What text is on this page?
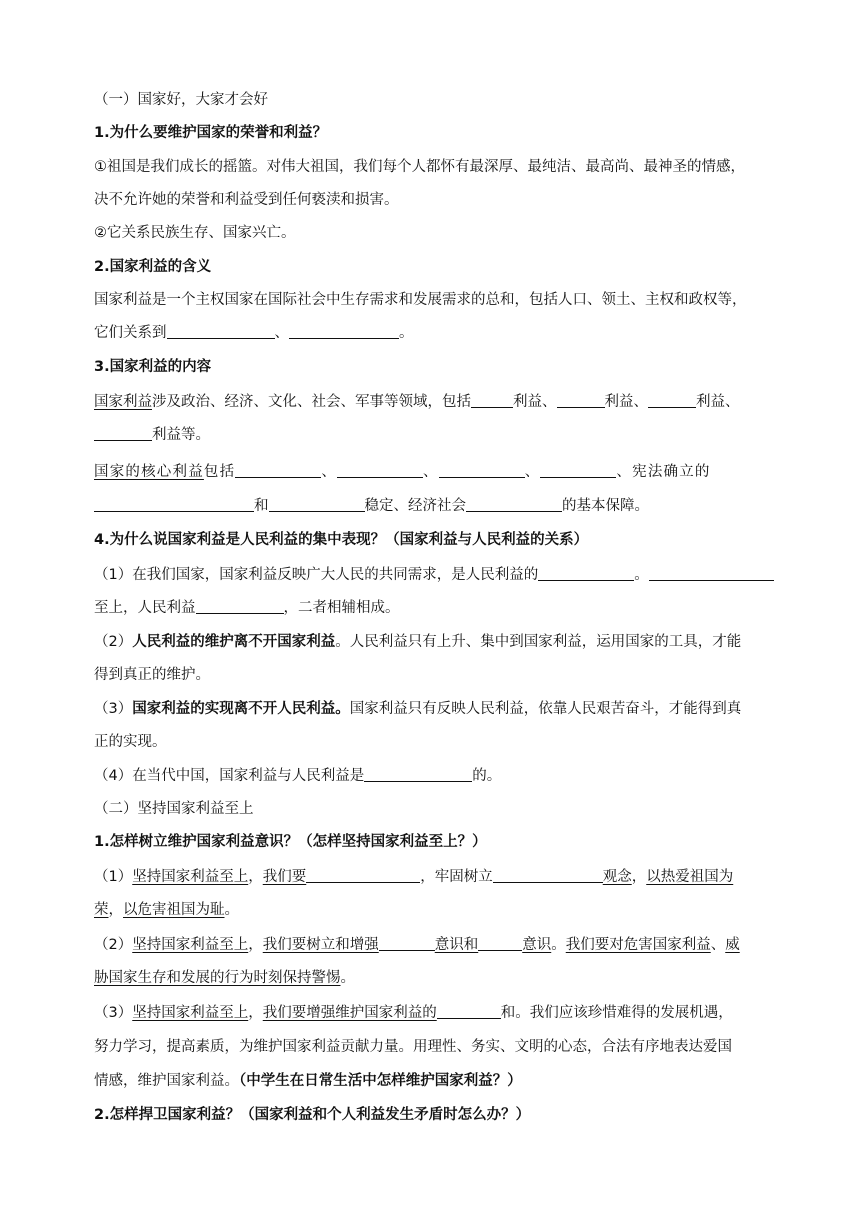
（一）国家好，大家才会好
1.为什么要维护国家的荣誉和利益？
①祖国是我们成长的摇篮。对伟大祖国，我们每个人都怀有最深厚、最纯洁、最高尚、最神圣的情感，
决不允许她的荣誉和利益受到任何亵渎和损害。
②它关系民族生存、国家兴亡。
2.国家利益的含义
国家利益是一个主权国家在国际社会中生存需求和发展需求的总和，包括人口、领土、主权和政权等，
它们关系到	、	。
3.国家利益的内容
国家利益涉及政治、经济、文化、社会、军事等领域，包括	利益、	利益、	利益、
利益等。
国家的核心利益包括	、	、	、	、宪法确立的
和	稳定、经济社会	的基本保障。
4.为什么说国家利益是人民利益的集中表现？（国家利益与人民利益的关系）
（1）在我们国家，国家利益反映广大人民的共同需求，是人民利益的	。
至上，人民利益	，二者相辅相成。
（2）人民利益的维护离不开国家利益。人民利益只有上升、集中到国家利益，运用国家的工具，才能
得到真正的维护。
（3）国家利益的实现离不开人民利益。国家利益只有反映人民利益，依靠人民艰苦奋斗，才能得到真
正的实现。
（4）在当代中国，国家利益与人民利益是	的。
（二）坚持国家利益至上
1.怎样树立维护国家利益意识？（怎样坚持国家利益至上？）
（1）坚持国家利益至上，我们要	，牢固树立	观念，以热爱祖国为
荣，以危害祖国为耻。
（2）坚持国家利益至上，我们要树立和增强	意识和	意识。我们要对危害国家利益、威
胁国家生存和发展的行为时刻保持警惕。
（3）坚持国家利益至上，我们要增强维护国家利益的	和。我们应该珍惜难得的发展机遇，
努力学习，提高素质，为维护国家利益贡献力量。用理性、务实、文明的心态，合法有序地表达爱国
情感，维护国家利益。（中学生在日常生活中怎样维护国家利益？）
2.怎样捍卫国家利益？（国家利益和个人利益发生矛盾时怎么办？）
